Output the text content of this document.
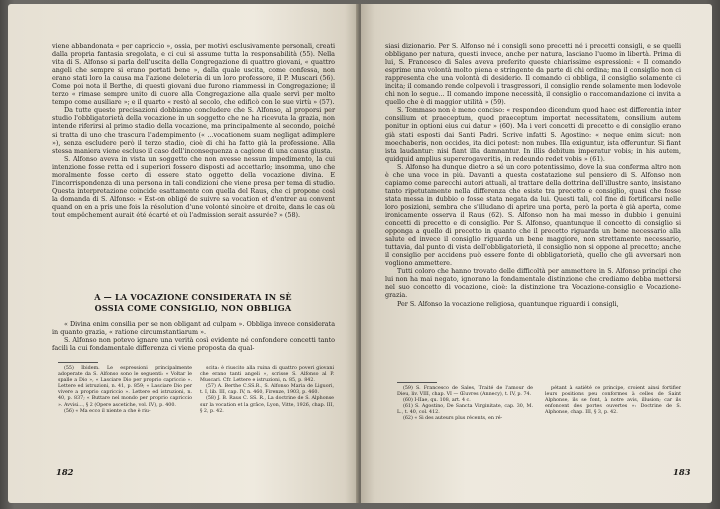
viene abbandonata « per capriccio », ossia, per motivi esclusivamente personali, creati dalla propria fantasia sregolata, e ci cui si assume tutta la responsabilità (55). Nella vita di S. Alfonso si parla dell'uscita della Congregazione di quattro giovani, « quattro angeli che sempre si erano portati bene », dalla quale uscita, come confessa, non erano stati loro la causa ma l'azione deleteria di un loro professore, il P. Muscari (56). Come poi nota il Berthe, di questi giovani due furono riammessi in Congregazione; il terzo « rimase sempre unito di cuore alla Congregazione alla quale servì per molto tempo come ausiliare »; e il quarto « restò al secolo, che edificò con le sue virtù » (57).

Da tutte queste precisazioni dobbiamo concludere che S. Alfonso, al proporsi per studio l'obbligatorietà della vocazione in un soggetto che ne ha ricevuta la grazia, non intende riferirsi al primo stadio della vocazione, ma principalmente al secondo, poiché si tratta di uno che trascura l'adempimento (« ...vocationem suam negligat adimplere »), senza escludere però il terzo stadio, cioè di chi ha fatto già la professione. Alla stessa maniera viene escluso il caso dell'inconsequenza a cagione di una causa giusta.

S. Alfonso aveva in vista un soggetto che non avesse nessun impedimento, la cui intenzione fosse retta ed i superiori fossero disposti ad accettarlo; insomma, uno che moralmente fosse certo di essere stato oggetto della vocazione divina. E l'incorrispondenza di una persona in tali condizioni che viene presa per tema di studio. Questa interpretazione coincide esattamente con quella del Raus, che ci propone così la domanda di S. Alfonso: « Est-on obligé de suivre sa vocation et d'entrer au convent quand on en a pris une fois la résolution d'une volonté sincère et droite, dans le cas où tout empêchement aurait été écarté et où l'admission serait assurée? » (58).

A — LA VOCAZIONE CONSIDERATA IN SÈ
OSSIA COME CONSIGLIO, NON OBBLIGA

« Divina enim consilia per se non obligant ad culpam ». Obbliga invece considerata in quanto grazia, « ratione circumstantiarum ».

S. Alfonso non potevo ignare una verità così evidente né confondere concetti tanto facili la cui fondamentale differenza ci viene proposta da qual-

(55) Ibidem. Le espressioni principalmente adoperate da S. Alfonso sono le seguenti: « Voltar le spalle a Dio », « Lasciare Dio per proprio capriccio ». Lettere ed istruzioni, n. 41, p. 859; « Lasciare Dio per vivere a proprio capriccio ». Lettere ed istruzioni, n. 40, p. 837; « Buttare nel mondo per proprio capriccio ». Avvisi..., § 2 (Opere ascetiche, vol. IV), p. 400.

(56) « Ma ecco il niente a che è riu-

scita: è riuscito alla ruina di quattro poveri giovani che erano tanti angeli », scrisse S. Alfonso al P. Muscari. Cfr. Lettere e istruzioni, n. 85, p. 842.

(57) A. Berthe C.SS.R., S. Alfonso Maria de Liguori, t. I, lib. III, cap. IV, n. 460, Firenze, 1903, p. 460.

(58) J. B. Raus C. SS. R., La doctrine de S. Alphonse sur la vocation et la grâce, Lyon, Vitte, 1926, chap. III, § 2, p. 42.

182

siasi dizionario. Per S. Alfonso né i consigli sono precetti né i precetti consigli, e se quelli obbligano per natura, questi invece, anche per natura, lasciano l'uomo in libertà. Prima di lui, S. Francesco di Sales aveva preferito queste chiarissime espressioni: « Il comando esprime una volontà molto piena e stringente da parte di chi ordina; ma il consiglio non ci rappresenta che una volontà di desiderio. Il comando ci obbliga, il consiglio solamente ci incita; il comando rende colpevoli i trasgressori, il consiglio rende solamente men lodevole chi non lo segue... Il comando impone necessità, il consiglio o raccomandazione ci invita a quello che è di maggior utilità » (59).

S. Tommaso non è meno conciso: « respondeo dicendum quod haec est differentia inter consilium et praeceptum, quod praeceptum importat necessitatem, consilium autem ponitur in optioni eius cui datur » (60). Ma i veri concetti di precetto e di consiglio erano già stati esposti dai Santi Padri. Scrive infatti S. Agostino: « neque enim sicut: non moechaberis, non occides, ita dici potest: non nubes. Illa exiguntur, ista offeruntur. Si fiant ista laudantur: nisi fiant illa damnantur. In illis debitum imperatur vobis; in his autem, quidquid amplius supererogaveritis, in redeundo redet vobis » (61).

S. Alfonso ha dunque dietro a sé un coro potentissimo, dove la sua conferma altro non è che una voce in più. Davanti a questa costatazione sul pensiero di S. Alfonso non capiamo come parecchi autori attuali, al trattare della dottrina dell'illustre santo, insistano tanto ripetutamente nella differenza che esiste tra precetto e consiglio, quasi che fosse stata messa in dubbio o fosse stata negata da lui. Questi tali, col fine di fortificarsi nelle loro posizioni, sembra che s'illudano di aprire una porta, però la porta è già aperta, come ironicamente osserva il Raus (62). S. Alfonso non ha mai messo in dubbio i genuini concetti di precetto e di consiglio. Per S. Alfonso, quantunque il concetto di consiglio si opponga a quello di precetto in quanto che il precetto riguarda un bene necessario alla salute ed invece il consiglio riguarda un bene maggiore, non strettamente necessario, tuttavia, dal punto di vista dell'obbligatorietà, il consiglio non si oppone al precetto; anche il consiglio per accidens può essere fonte di obbligatorietà, quello che gli avversari non vogliono ammettere.

Tutti coloro che hanno trovato delle difficoltà per ammettere in S. Alfonso principi che lui non ha mai negato, ignorano la fondamentale distinzione che crediamo debba mettersi nel suo concetto di vocazione, cioè: la distinzione tra Vocazione-consiglio e Vocazione-grazia.

Per S. Alfonso la vocazione religiosa, quantunque riguardi i consigli,

(59) S. Francesco de Sales, Traité de l'amour de Dieu, liv. VIII, chap. VI — Œuvres (Annecy), t. IV, p. 74.

(60) I-IIae, qu. 108, art. 4 c.

(61) S. Agostino, De Sancta Virginitate, cap. 30, M. L., t. 40, col. 412.

(62) « Si des auteurs plus récents, en ré-

pétant à satiété ce principe, croient ainsi fortifier leurs positions peu conformes à celles de Saint Alphonse, ils se font, à notre avis, illusion; car ils enfoncent des portes ouvertes »: Doctrine de S. Alphonse, chap. III, § 3, p. 42.

183
